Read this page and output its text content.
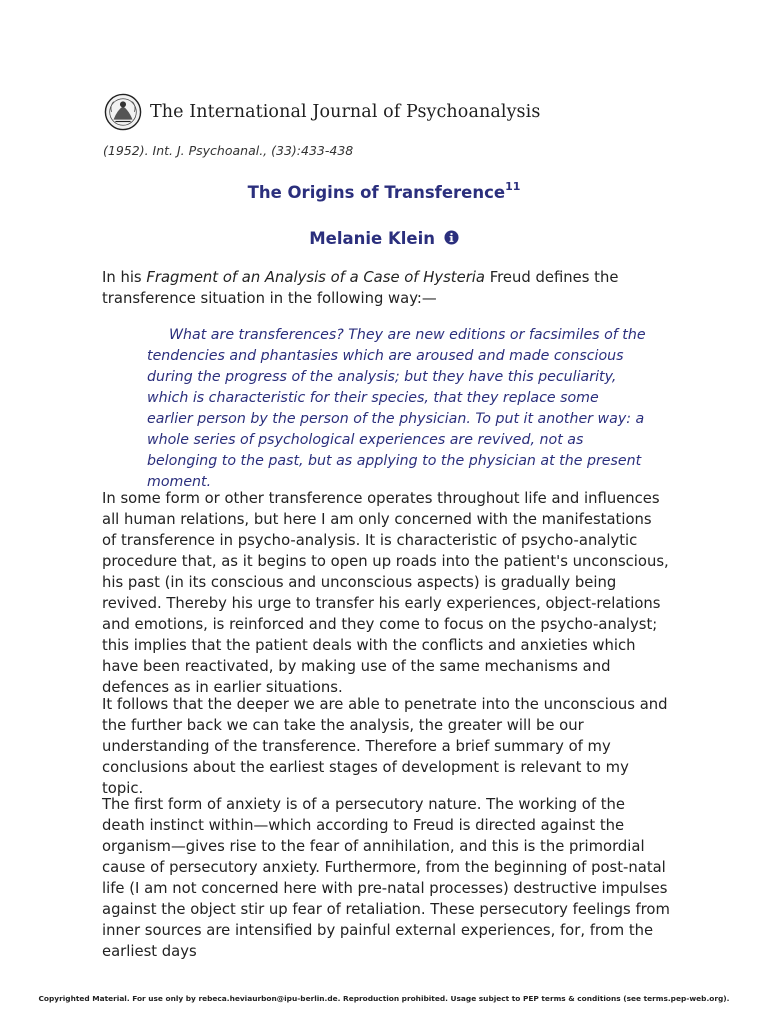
The International Journal of Psychoanalysis
(1952). Int. J. Psychoanal., (33):433-438
The Origins of Transference$^{11}$
Melanie Klein

In his Fragment of an Analysis of a Case of Hysteria Freud defines the transference situation in the following way:—

What are transferences? They are new editions or facsimiles of the tendencies and phantasies which are aroused and made conscious during the progress of the analysis; but they have this peculiarity, which is characteristic for their species, that they replace some earlier person by the person of the physician. To put it another way: a whole series of psychological experiences are revived, not as belonging to the past, but as applying to the physician at the present moment.

In some form or other transference operates throughout life and influences all human relations, but here I am only concerned with the manifestations of transference in psycho-analysis. It is characteristic of psycho-analytic procedure that, as it begins to open up roads into the patient's unconscious, his past (in its conscious and unconscious aspects) is gradually being revived. Thereby his urge to transfer his early experiences, object-relations and emotions, is reinforced and they come to focus on the psycho-analyst; this implies that the patient deals with the conflicts and anxieties which have been reactivated, by making use of the same mechanisms and defences as in earlier situations.

It follows that the deeper we are able to penetrate into the unconscious and the further back we can take the analysis, the greater will be our understanding of the transference. Therefore a brief summary of my conclusions about the earliest stages of development is relevant to my topic.

The first form of anxiety is of a persecutory nature. The working of the death instinct within—which according to Freud is directed against the organism—gives rise to the fear of annihilation, and this is the primordial cause of persecutory anxiety. Furthermore, from the beginning of post-natal life (I am not concerned here with pre-natal processes) destructive impulses against the object stir up fear of retaliation. These persecutory feelings from inner sources are intensified by painful external experiences, for, from the earliest days

Copyrighted Material. For use only by rebeca.heviaurbon@ipu-berlin.de. Reproduction prohibited. Usage subject to PEP terms & conditions (see terms.pep-web.org).
